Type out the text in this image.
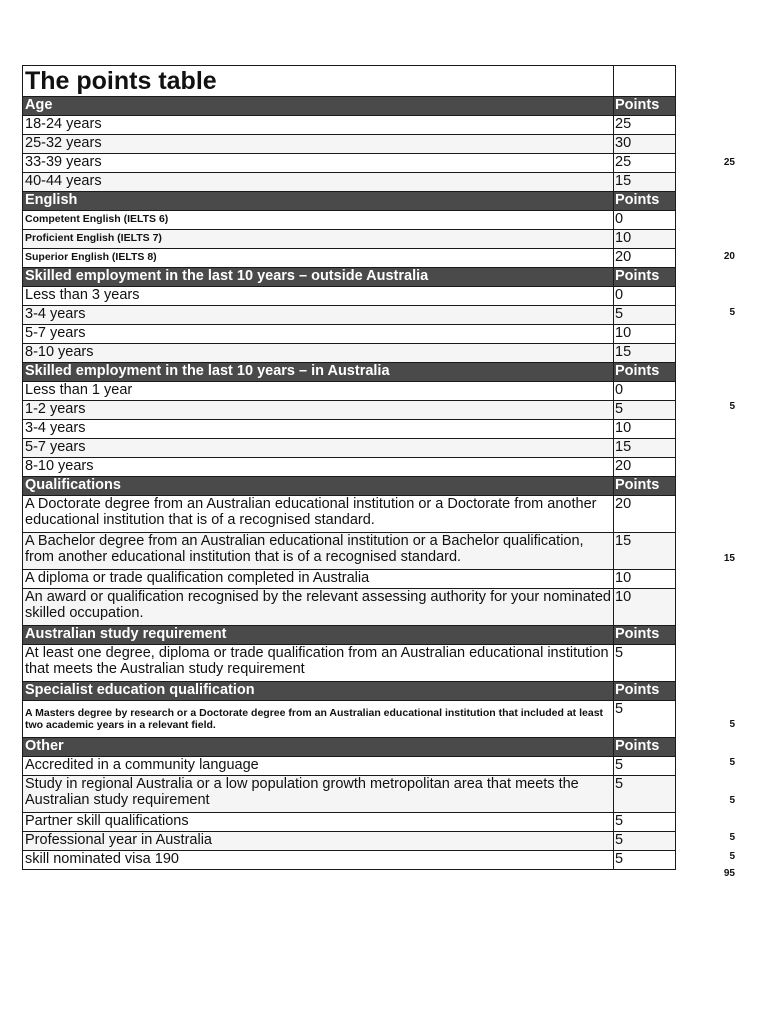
The points table	
Age	Points
18-24 years	25
25-32 years	30
33-39 years	25
40-44 years	15
English	Points
Competent English (IELTS 6)	0
Proficient English (IELTS 7)	10
Superior English (IELTS 8)	20
Skilled employment in the last 10 years – outside Australia	Points
Less than 3 years	0
3-4 years	5
5-7 years	10
8-10 years	15
Skilled employment in the last 10 years – in Australia	Points
Less than 1 year	0
1-2 years	5
3-4 years	10
5-7 years	15
8-10 years	20
Qualifications	Points
A Doctorate degree from an Australian educational institution or a Doctorate from another educational institution that is of a recognised standard.	20
A Bachelor degree from an Australian educational institution or a Bachelor qualification, from another educational institution that is of a recognised standard.	15
A diploma or trade qualification completed in Australia	10
An award or qualification recognised by the relevant assessing authority for your nominated skilled occupation.	10
Australian study requirement	Points
At least one degree, diploma or trade qualification from an Australian educational institution that meets the Australian study requirement	5
Specialist education qualification	Points
A Masters degree by research or a Doctorate degree from an Australian educational institution that included at least two academic years in a relevant field.	5
Other	Points
Accredited in a community language	5
Study in regional Australia or a low population growth metropolitan area that meets the Australian study requirement	5
Partner skill qualifications	5
Professional year in Australia	5
skill nominated visa 190	5
25
20
5
5
15
5
5
5
5
5
95
